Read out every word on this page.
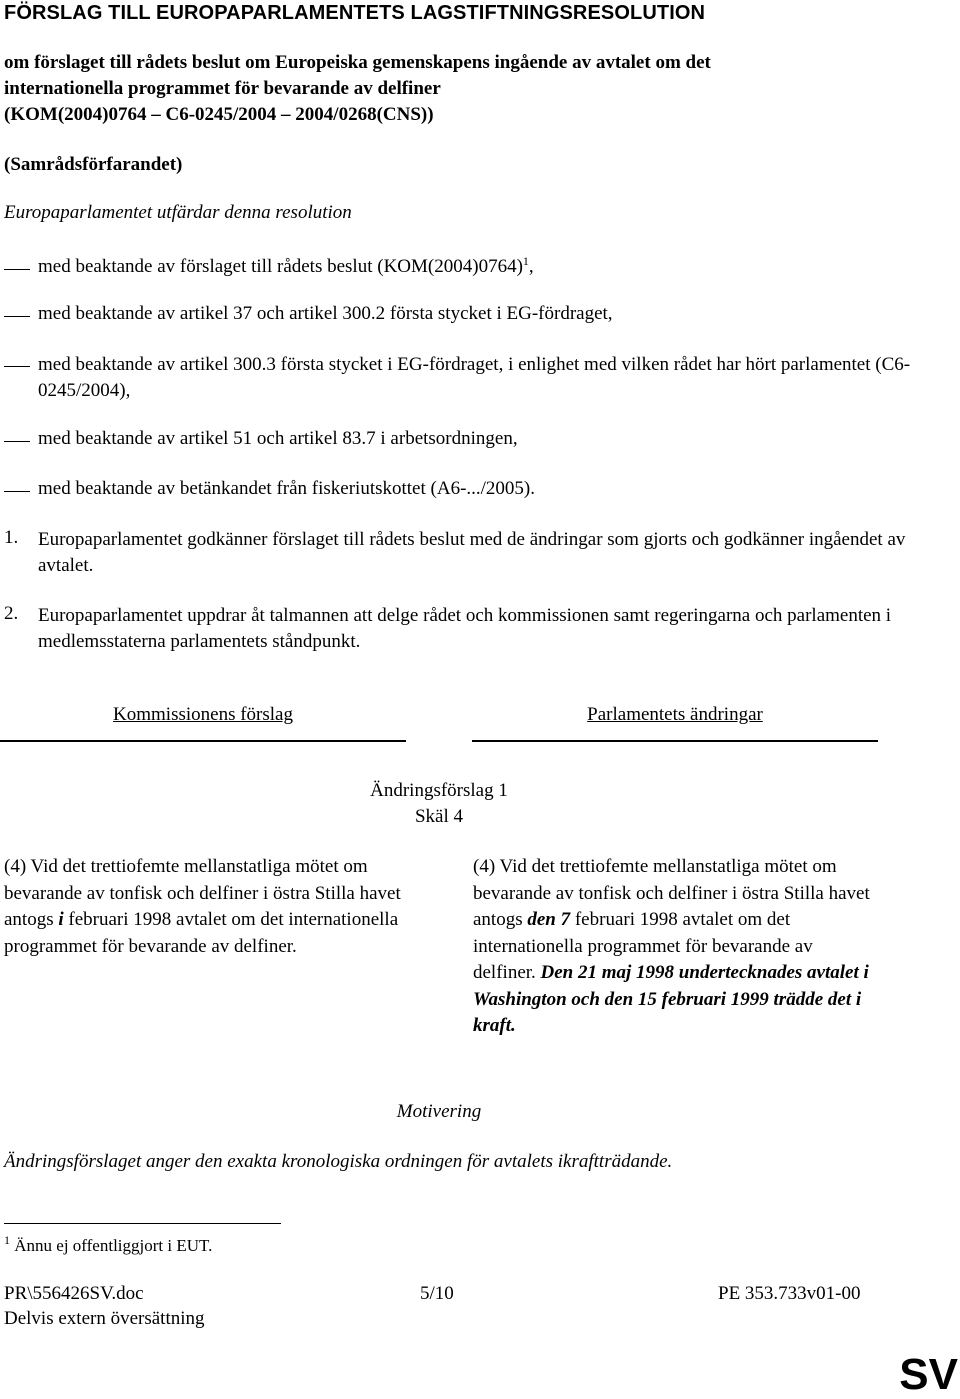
FÖRSLAG TILL EUROPAPARLAMENTETS LAGSTIFTNINGSRESOLUTION
om förslaget till rådets beslut om Europeiska gemenskapens ingående av avtalet om det
internationella programmet för bevarande av delfiner
(KOM(2004)0764 – C6-0245/2004 – 2004/0268(CNS))
(Samrådsförfarandet)
Europaparlamentet utfärdar denna resolution
med beaktande av förslaget till rådets beslut $(KOM(2004)0764)^1$,
med beaktande av artikel 37 och artikel 300.2 första stycket i EG-fördraget,
med beaktande av artikel 300.3 första stycket i EG-fördraget, i enlighet med vilken rådet har hört parlamentet (C6-0245/2004),
med beaktande av artikel 51 och artikel 83.7 i arbetsordningen,
med beaktande av betänkandet från fiskeriutskottet (A6-.../2005).
1. Europaparlamentet godkänner förslaget till rådets beslut med de ändringar som gjorts och godkänner ingåendet av avtalet.
2. Europaparlamentet uppdrar åt talmannen att delge rådet och kommissionen samt regeringarna och parlamenten i medlemsstaterna parlamentets ståndpunkt.
Kommissionens förslag	Parlamentets ändringar
Ändringsförslag 1
Skäl 4
(4) Vid det trettiofemte mellanstatliga mötet om bevarande av tonfisk och delfiner i östra Stilla havet antogs i februari 1998 avtalet om det internationella programmet för bevarande av delfiner.
(4) Vid det trettiofemte mellanstatliga mötet om bevarande av tonfisk och delfiner i östra Stilla havet antogs den 7 februari 1998 avtalet om det internationella programmet för bevarande av delfiner. Den 21 maj 1998 undertecknades avtalet i Washington och den 15 februari 1999 trädde det i kraft.
Motivering
Ändringsförslaget anger den exakta kronologiska ordningen för avtalets ikraftträdande.
$^1$ Ännu ej offentliggjort i EUT.
PR\556426SV.doc	5/10	PE 353.733v01-00
Delvis extern översättning
SV
